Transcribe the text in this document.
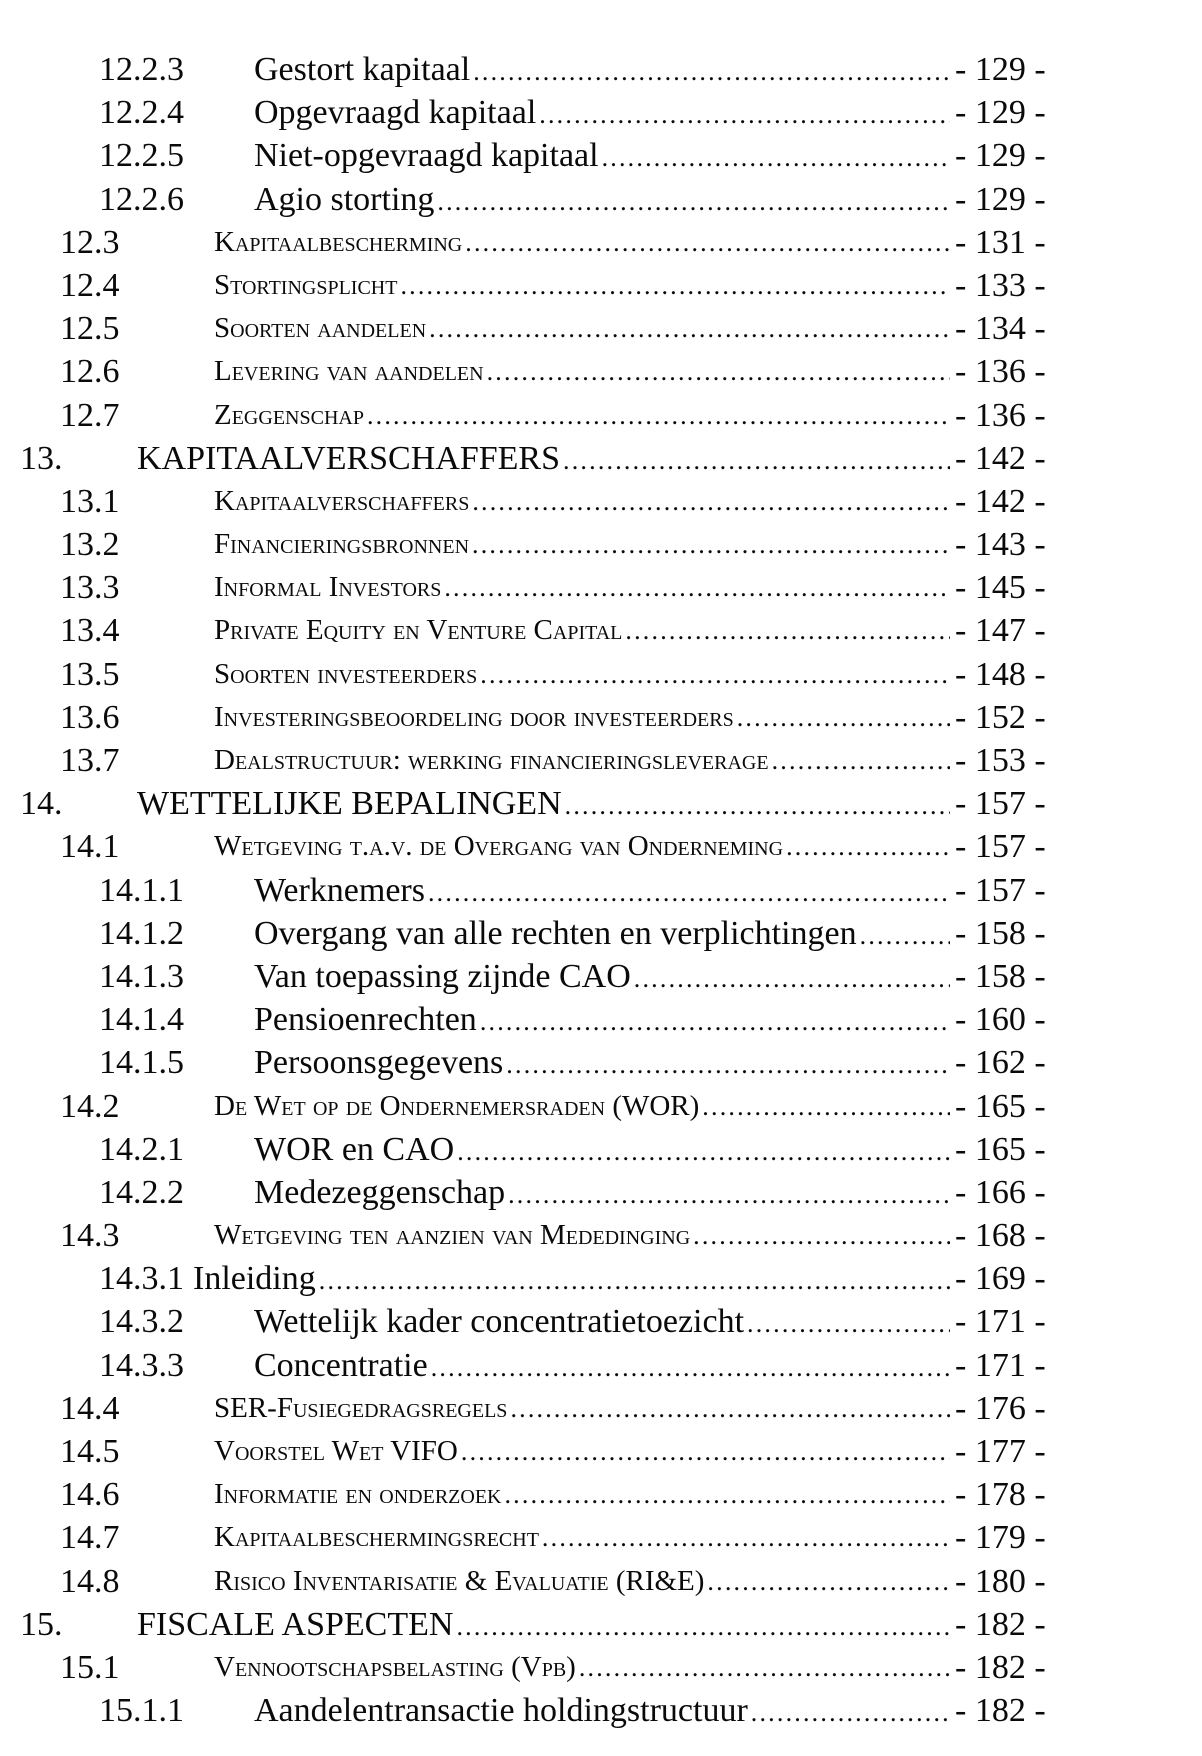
12.2.3 Gestort kapitaal .....	- 129 -
12.2.4 Opgevraagd kapitaal .....	- 129 -
12.2.5 Niet-opgevraagd kapitaal .....	- 129 -
12.2.6 Agio storting .....	- 129 -
12.3	Kapitaalbescherming .....	- 131 -
12.4	Stortingsplicht .....	- 133 -
12.5	Soorten aandelen .....	- 134 -
12.6	Levering van aandelen .....	- 136 -
12.7	Zeggenschap .....	- 136 -
13. KAPITAALVERSCHAFFERS .....	- 142 -
13.1	Kapitaalverschaffers .....	- 142 -
13.2	Financieringsbronnen .....	- 143 -
13.3	Informal Investors .....	- 145 -
13.4	Private Equity en Venture Capital .....	- 147 -
13.5	Soorten investeerders .....	- 148 -
13.6	Investeringsbeoordeling door investeerders .....	- 152 -
13.7	Dealstructuur: werking financieringsleverage .....	- 153 -
14. WETTELIJKE BEPALINGEN .....	- 157 -
14.1	Wetgeving t.a.v. de Overgang van Onderneming .....	- 157 -
14.1.1 Werknemers .....	- 157 -
14.1.2 Overgang van alle rechten en verplichtingen .....	- 158 -
14.1.3 Van toepassing zijnde CAO .....	- 158 -
14.1.4 Pensioenrechten .....	- 160 -
14.1.5 Persoonsgegevens .....	- 162 -
14.2	De Wet op de Ondernemersraden (WOR) .....	- 165 -
14.2.1 WOR en CAO .....	- 165 -
14.2.2 Medezeggenschap .....	- 166 -
14.3	Wetgeving ten aanzien van Mededinging .....	- 168 -
14.3.1 Inleiding .....	- 169 -
14.3.2 Wettelijk kader concentratietoezicht .....	- 171 -
14.3.3 Concentratie .....	- 171 -
14.4	SER-Fusiegedragsregels .....	- 176 -
14.5	Voorstel Wet VIFO .....	- 177 -
14.6	Informatie en onderzoek .....	- 178 -
14.7	Kapitaalbeschermingsrecht .....	- 179 -
14.8	Risico Inventarisatie & Evaluatie (RI&E) .....	- 180 -
15. FISCALE ASPECTEN .....	- 182 -
15.1	Vennootschapsbelasting (Vpb) .....	- 182 -
15.1.1 Aandelentransactie holdingstructuur .....	- 182 -
